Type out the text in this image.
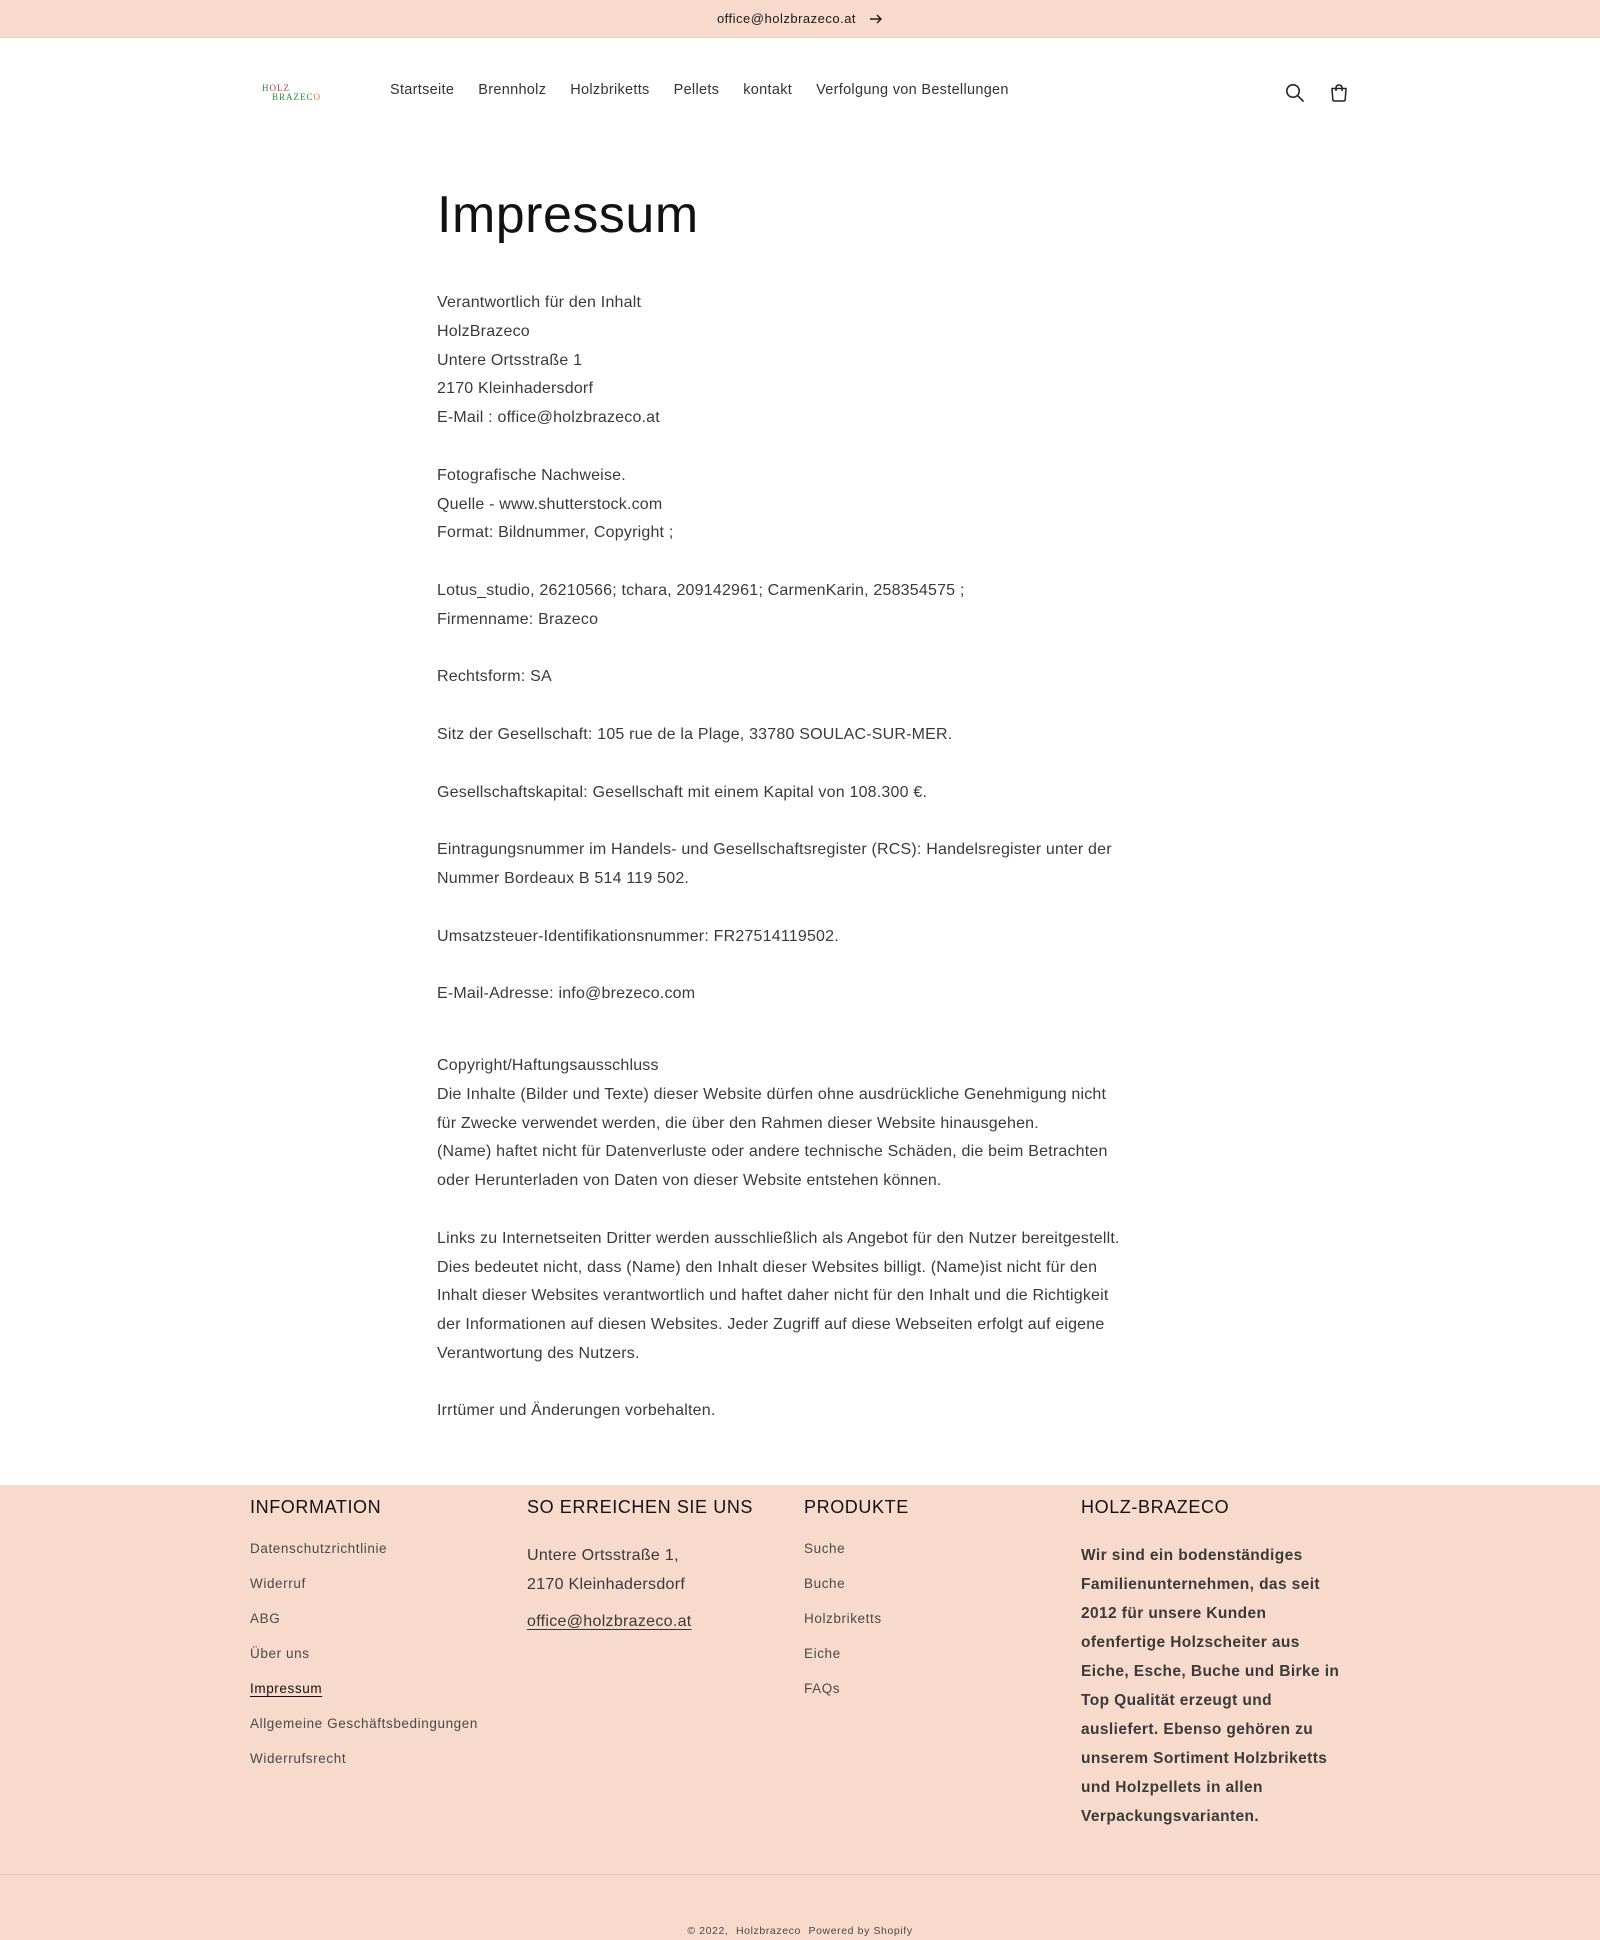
office@holzbrazeco.at
HOLZ
BRAZECO	Startseite Brennholz Holzbriketts Pellets kontakt Verfolgung von Bestellungen
Impressum

Verantwortlich für den Inhalt

HolzBrazeco

Untere Ortsstraße 1

2170 Kleinhadersdorf

E-Mail : office@holzbrazeco.at

Fotografische Nachweise.

Quelle - www.shutterstock.com

Format: Bildnummer, Copyright ;

Lotus_studio, 26210566; tchara, 209142961; CarmenKarin, 258354575 ;

Firmenname: Brazeco

Rechtsform: SA

Sitz der Gesellschaft: 105 rue de la Plage, 33780 SOULAC-SUR-MER.

Gesellschaftskapital: Gesellschaft mit einem Kapital von 108.300 €.

Eintragungsnummer im Handels- und Gesellschaftsregister (RCS): Handelsregister unter der

Nummer Bordeaux B 514 119 502.

Umsatzsteuer-Identifikationsnummer: FR27514119502.

E-Mail-Adresse: info@brezeco.com

Copyright/Haftungsausschluss

Die Inhalte (Bilder und Texte) dieser Website dürfen ohne ausdrückliche Genehmigung nicht

für Zwecke verwendet werden, die über den Rahmen dieser Website hinausgehen.

(Name) haftet nicht für Datenverluste oder andere technische Schäden, die beim Betrachten

oder Herunterladen von Daten von dieser Website entstehen können.

Links zu Internetseiten Dritter werden ausschließlich als Angebot für den Nutzer bereitgestellt.

Dies bedeutet nicht, dass (Name) den Inhalt dieser Websites billigt. (Name)ist nicht für den

Inhalt dieser Websites verantwortlich und haftet daher nicht für den Inhalt und die Richtigkeit

der Informationen auf diesen Websites. Jeder Zugriff auf diese Webseiten erfolgt auf eigene

Verantwortung des Nutzers.

Irrtümer und Änderungen vorbehalten.

INFORMATION
Datenschutzrichtlinie
Widerruf
ABG
Über uns
Impressum
Allgemeine Geschäftsbedingungen
Widerrufsrecht
SO ERREICHEN SIE UNS
Untere Ortsstraße 1,
2170 Kleinhadersdorf
office@holzbrazeco.at
PRODUKTE
Suche
Buche
Holzbriketts
Eiche
FAQs
HOLZ-BRAZECO
Wir sind ein bodenständiges Familienunternehmen, das seit 2012 für unsere Kunden ofenfertige Holzscheiter aus Eiche, Esche, Buche und Birke in Top Qualität erzeugt und ausliefert. Ebenso gehören zu unserem Sortiment Holzbriketts und Holzpellets in allen Verpackungsvarianten.
© 2022, Holzbrazeco Powered by Shopify
